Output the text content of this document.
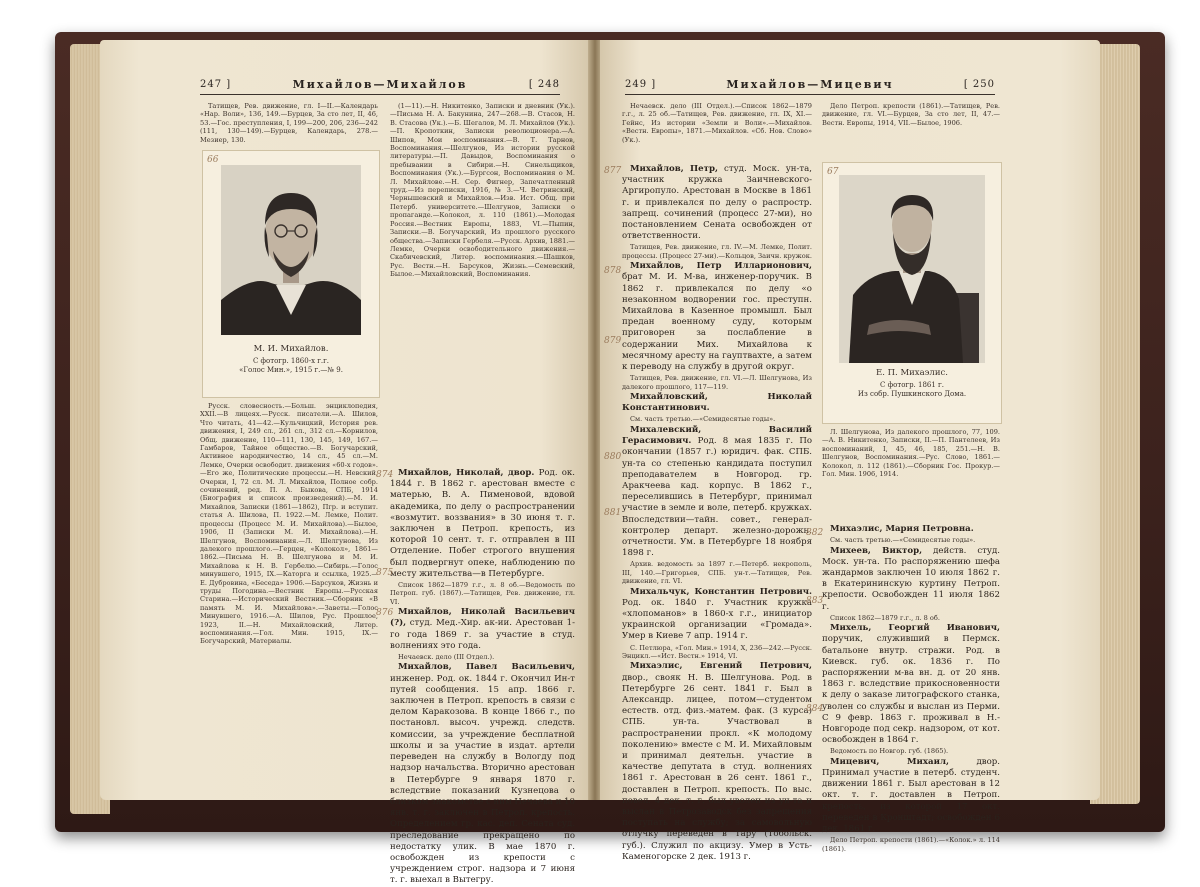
247 ]	Михайлов—Михайлов	[ 248

Татищев, Рев. движение, гл. I—II.—Календарь «Нар. Воли», 136, 149.—Бурцев, За сто лет, II, 46, 53.—Гос. преступления, I, 199—200, 206, 236—242 (111, 130—149).—Бурцев, Календарь, 278.—Мезиер, 130.

66
М. И. Михайлов.
С фотогр. 1860-х г.г.
«Голос Мин.», 1915 г.—№ 9.

Русск. словесность.—Больш. энциклопедия, XXII.—В лицеях.—Русск. писатели.—А. Шилов, Что читать, 41—42.—Кульчицкий, История рев. движения, I, 249 сл., 261 сл., 312 сл.—Корнилов, Общ. движение, 110—111, 130, 145, 149, 167.—Гамбаров, Тайное общество.—В. Богучарский, Активное народничество, 14 сл., 45 сл.—М. Лемке, Очерки освободит. движения «60-х годов».—Его же, Политические процессы.—Н. Невский, Очерки, I, 72 сл. М. Л. Михайлов, Полное собр. сочинений, ред. П. А. Быкова, СПБ, 1914 (Биография и список произведений).—М. И. Михайлов, Записки (1861—1862), Пгр. и вступит. статья А. Шилова, П. 1922.—М. Лемке, Полит. процессы (Процесс М. И. Михайлова).—Былое, 1906, II (Записки М. И. Михайлова).—Н. Шелгунов, Воспоминания.—Л. Шелгунова, Из далекого прошлого.—Герцен, «Колокол», 1861—1862.—Письма Н. В. Шелгунова и М. И. Михайлова к Н. В. Гербелю.—Сибирь.—Голос минувшего, 1915, IX.—Каторга и ссылка, 1925.—Е. Дубровина, «Беседа» 1906.—Барсуков, Жизнь и труды Погодина.—Вестник Европы.—Русская Старина.—Исторический Вестник.—Сборник «В память М. И. Михайлова».—Заветы.—Голос Минувшего, 1916.—А. Шилов, Рус. Прошлое, 1923, II.—Н. Михайловский, Литер. воспоминания.—Гол. Мин. 1915, IX.—Богучарский, Материалы.

(1—11).—Н. Никитенко, Записки и дневник (Ук.).—Письма Н. А. Бакунина, 247—268.—В. Стасов, Н. В. Стасова (Ук.).—Б. Шегалов, М. Л. Михайлов (Ук.).—П. Кропоткин, Записки революционера.—А. Шипов, Мои воспоминания.—В. Т. Тарнов, Воспоминания.—Шелгунов, Из истории русской литературы.—П. Давыдов, Воспоминания о пребывании в Сибири.—Н. Синельщиков, Воспоминания (Ук.).—Бургсон, Воспоминания о М. Л. Михайлове.—Н. Сер. Фигнер, Запечатленный труд.—Из переписки, 1916, № 3.—Ч. Ветринский, Чернышевский и Михайлов.—Изв. Ист. Общ. при Петерб. университете.—Шелгунов, Записки о пропаганде.—Колокол, л. 110 (1861).—Молодая Россия.—Вестник Европы, 1883, VI.—Пыпин, Записки.—В. Богучарский, Из прошлого русского общества.—Записки Гербеля.—Русск. Архив, 1881.—Лемке, Очерки освободительного движения.—Скабичевский, Литер. воспоминания.—Шашков, Рус. Вестн.—Н. Барсуков, Жизнь.—Семевский, Былое.—Михайловский, Воспоминания.

Михайлов, Николай, двор. Род. ок. 1844 г. В 1862 г. арестован вместе с матерью, В. А. Пименовой, вдовой академика, по делу о распространении «возмутит. воззвания» в 30 июня т. г. заключен в Петроп. крепость, из которой 10 сент. т. г. отправлен в III Отделение. Побег строгого внушения был подвергнут опеке, наблюдению по месту жительства—в Петербурге.

Список 1862—1879 г.г., л. 8 об.—Ведомость по Петроп. губ. (1867).—Татищев, Рев. движение, гл. VI.

Михайлов, Николай Васильевич (?), студ. Мед.-Хир. ак-ии. Арестован 1-го года 1869 г. за участие в студ. волнениях это года.

Нечаевск. дело (III Отдел.).

Михайлов, Павел Васильевич, инженер. Род. ок. 1844 г. Окончил Ин-т путей сообщения. 15 апр. 1866 г. заключен в Петроп. крепость в связи с делом Каракозова. В конце 1866 г., по постановл. высоч. учрежд. следств. комиссии, за учреждение бесплатной школы и за участие в издат. артели переведен на службу в Вологду под надзор начальства. Вторично арестован в Петербурге 9 января 1870 г. вследствие показаний Кузнецова о близком знакомстве с ним Нечаева и 10 янв. т. г. заключен в Петроп. крепость. Определением гр. кас. деп. Сената суд. преследование прекращено по недостатку улик. В мае 1870 г. освобожден из крепости с учреждением строг. надзора и 7 июня т. г. выехал в Вытегру.

874
875
876
249 ]	Михайлов—Мицевич	[ 250

Нечаевск. дело (III Отдел.).—Список 1862—1879 г.г., л. 25 об.—Татищев, Рев. движение, гл. IX, XI.—Гейнс, Из истории «Земли и Воли».—Михайлов. «Вестн. Европы», 1871.—Михайлов. «Сб. Нов. Слово» (Ук.).

Дело Петроп. крепости (1861).—Татищев, Рев. движение, гл. VI.—Бурцев, За сто лет, II, 47.—Вестн. Европы, 1914, VII.—Былое, 1906.

Михайлов, Петр, студ. Моск. ун-та, участник кружка Заичневского-Аргиропуло. Арестован в Москве в 1861 г. и привлекался по делу о распростр. запрещ. сочинений (процесс 27-ми), но постановлением Сената освобожден от ответственности.

Татищев, Рев. движение, гл. IV.—М. Лемке, Полит. процессы. (Процесс 27-ми).—Кольцов, Заичн. кружок.

Михайлов, Петр Илларионович, брат М. И. М-ва, инженер-поручик. В 1862 г. привлекался по делу «о незаконном водворении гос. преступн. Михайлова в Казенное промышл. Был предан военному суду, которым приговорен за послабление в содержании Мих. Михайлова к месячному аресту на гауптвахте, а затем к переводу на службу в другой округ.

Татищев, Рев. движение, гл. VI.—Л. Шелгунова, Из далекого прошлого, 117—119.

Михайловский, Николай Константинович.

См. часть третью.—«Семидесятые годы».

Михалевский, Василий Герасимович. Род. 8 мая 1835 г. По окончании (1857 г.) юридич. фак. СПБ. ун-та со степенью кандидата поступил преподавателем в Новгород. гр. Аракчеева кад. корпус. В 1862 г., переселившись в Петербург, принимал участие в земле и воле, петерб. кружках. Впоследствии—тайн. совет., генерал-контролер департ. железно-дорожн. отчетности. Ум. в Петербурге 18 ноября 1898 г.

Архив. ведомость за 1897 г.—Петерб. некрополь, III, 140.—Григорьев, СПБ. ун-т.—Татищев, Рев. движение, гл. VI.

Михальчук, Константин Петрович. Род. ок. 1840 г. Участник кружка «хлопоманов» в 1860-х г.г., инициатор украинской организации «Громада». Умер в Киеве 7 апр. 1914 г.

С. Петлюра, «Гол. Мин.» 1914, X, 236—242.—Русск. Энцикл.—«Ист. Вестн.» 1914, VI.

Михаэлис, Евгений Петрович, двор., свояк Н. В. Шелгунова. Род. в Петербурге 26 сент. 1841 г. Был в Александр. лицее, потом—студентом естеств. отд. физ.-матем. фак. (3 курса) СПБ. ун-та. Участвовал в распространении прокл. «К молодому поколению» вместе с М. И. Михайловым и принимал деятельн. участие в качестве депутата в студ. волнениях 1861 г. Арестован в 26 сент. 1861 г., доставлен в Петроп. крепость. По выс. повел. 4 дек. т. г. был уволен из ун-та и выслан в Петрозаводск без запрещения поступать на службу; за самовольную отлучку переведен в Тару (Тобольск. губ.). Служил по акцизу. Умер в Усть-Каменогорске 2 дек. 1913 г.

67
Е. П. Михаэлис.
С фотогр. 1861 г.
Из собр. Пушкинского Дома.

Л. Шелгунова, Из далекого прошлого, 77, 109.—А. В. Никитенко, Записки, II.—П. Пантелеев, Из воспоминаний, I, 45, 46, 185, 251.—Н. В. Шелгунов, Воспоминания.—Рус. Слово, 1861.—Колокол, л. 112 (1861).—Сборник Гос. Прокур.—Гол. Мин. 1906, 1914.

Михаэлис, Мария Петровна.

См. часть третью.—«Семидесятые годы».

Михеев, Виктор, действ. студ. Моск. ун-та. По распоряжению шефа жандармов заключен 10 июля 1862 г. в Екатерининскую куртину Петроп. крепости. Освобожден 11 июля 1862 г.

Список 1862—1879 г.г., л. 8 об.

Михель, Георгий Иванович, поручик, служивший в Пермск. батальоне внутр. стражи. Род. в Киевск. губ. ок. 1836 г. По распоряжении м-ва вн. д. от 20 янв. 1863 г. вследствие прикосновенности к делу о заказе литографского станка, уволен со службы и выслан из Перми. С 9 февр. 1863 г. проживал в Н.-Новгороде под секр. надзором, от кот. освобожден в 1864 г.

Ведомость по Новгор. губ. (1865).

Мицевич, Михаил,	двор. Принимал участие в петерб. студенч. движении 1861 г. Был арестован в 12 окт. т. г. доставлен в Петроп. крепость, из которой 17 окт. переведен в Кронштадт; освобожден 6 дек. 1861 г.

Дело Петроп. крепости (1861).—«Колок.» л. 114 (1861).

877
878
879
880
881
882
883
884
